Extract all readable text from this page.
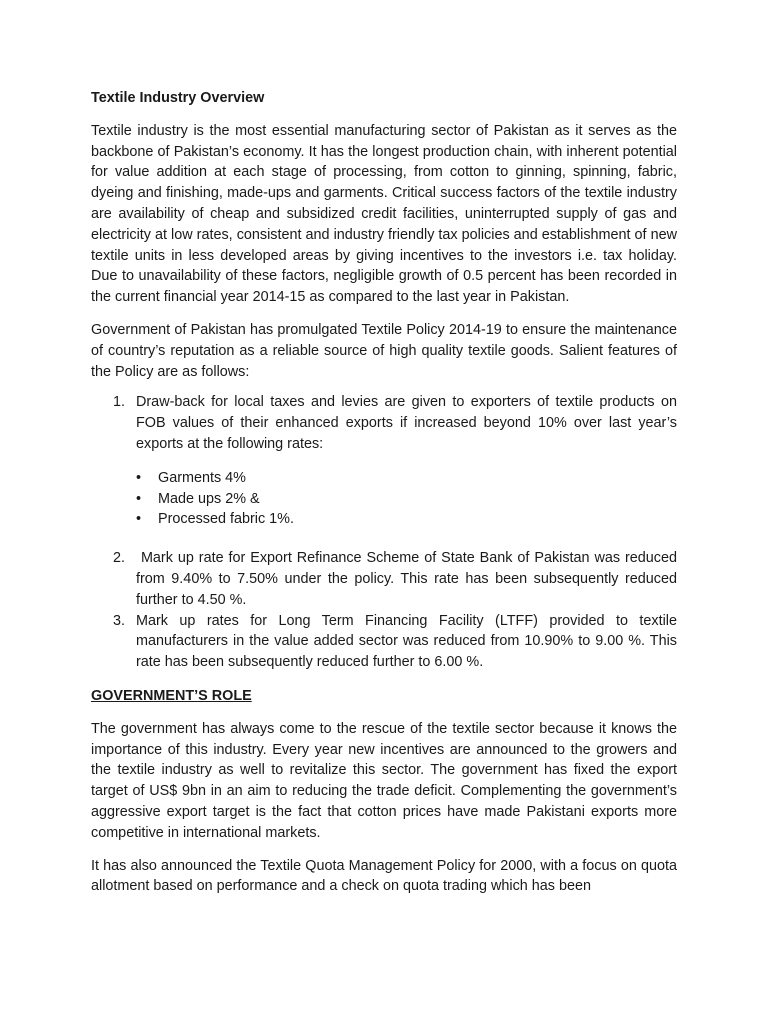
Textile Industry Overview

Textile industry is the most essential manufacturing sector of Pakistan as it serves as the backbone of Pakistan’s economy. It has the longest production chain, with inherent potential for value addition at each stage of processing, from cotton to ginning, spinning, fabric, dyeing and finishing, made-ups and garments. Critical success factors of the textile industry are availability of cheap and subsidized credit facilities, uninterrupted supply of gas and electricity at low rates, consistent and industry friendly tax policies and establishment of new textile units in less developed areas by giving incentives to the investors i.e. tax holiday. Due to unavailability of these factors, negligible growth of 0.5 percent has been recorded in the current financial year 2014-15 as compared to the last year in Pakistan.

Government of Pakistan has promulgated Textile Policy 2014-19 to ensure the maintenance of country’s reputation as a reliable source of high quality textile goods. Salient features of the Policy are as follows:

1. Draw-back for local taxes and levies are given to exporters of textile products on FOB values of their enhanced exports if increased beyond 10% over last year’s exports at the following rates:
• Garments 4%
• Made ups 2% &
• Processed fabric 1%.
2. Mark up rate for Export Refinance Scheme of State Bank of Pakistan was reduced from 9.40% to 7.50% under the policy. This rate has been subsequently reduced further to 4.50 %.
3. Mark up rates for Long Term Financing Facility (LTFF) provided to textile manufacturers in the value added sector was reduced from 10.90% to 9.00 %. This rate has been subsequently reduced further to 6.00 %.
GOVERNMENT’S ROLE

The government has always come to the rescue of the textile sector because it knows the importance of this industry. Every year new incentives are announced to the growers and the textile industry as well to revitalize this sector. The government has fixed the export target of US$ 9bn in an aim to reducing the trade deficit. Complementing the government’s aggressive export target is the fact that cotton prices have made Pakistani exports more competitive in international markets.

It has also announced the Textile Quota Management Policy for 2000, with a focus on quota allotment based on performance and a check on quota trading which has been
